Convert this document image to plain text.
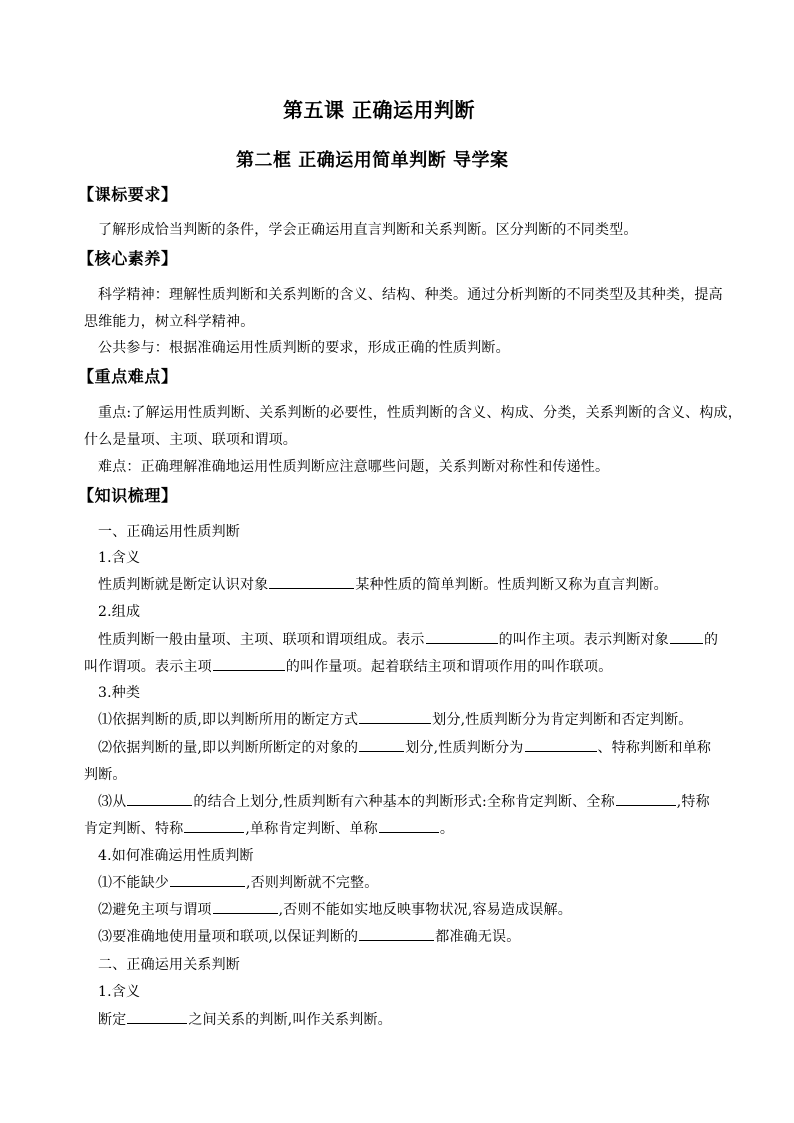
第五课 正确运用判断
第二框 正确运用简单判断 导学案
【课标要求】
了解形成恰当判断的条件，学会正确运用直言判断和关系判断。区分判断的不同类型。
【核心素养】
科学精神：理解性质判断和关系判断的含义、结构、种类。通过分析判断的不同类型及其种类，提高
思维能力，树立科学精神。
公共参与：根据准确运用性质判断的要求，形成正确的性质判断。
【重点难点】
重点:了解运用性质判断、关系判断的必要性，性质判断的含义、构成、分类，关系判断的含义、构成，
什么是量项、主项、联项和谓项。
难点：正确理解准确地运用性质判断应注意哪些问题，关系判断对称性和传递性。
【知识梳理】
一、正确运用性质判断
1.含义
性质判断就是断定认识对象	某种性质的简单判断。性质判断又称为直言判断。
2.组成
性质判断一般由量项、主项、联项和谓项组成。表示	的叫作主项。表示判断对象	的
叫作谓项。表示主项	的叫作量项。起着联结主项和谓项作用的叫作联项。
3.种类
⑴依据判断的质,即以判断所用的断定方式	划分,性质判断分为肯定判断和否定判断。
⑵依据判断的量,即以判断所断定的对象的	划分,性质判断分为	、特称判断和单称
判断。
⑶从	的结合上划分,性质判断有六种基本的判断形式:全称肯定判断、全称	,特称
肯定判断、特称	,单称肯定判断、单称	。
4.如何准确运用性质判断
⑴不能缺少	,否则判断就不完整。
⑵避免主项与谓项	,否则不能如实地反映事物状况,容易造成误解。
⑶要准确地使用量项和联项,以保证判断的	都准确无误。
二、正确运用关系判断
1.含义
断定	之间关系的判断,叫作关系判断。
